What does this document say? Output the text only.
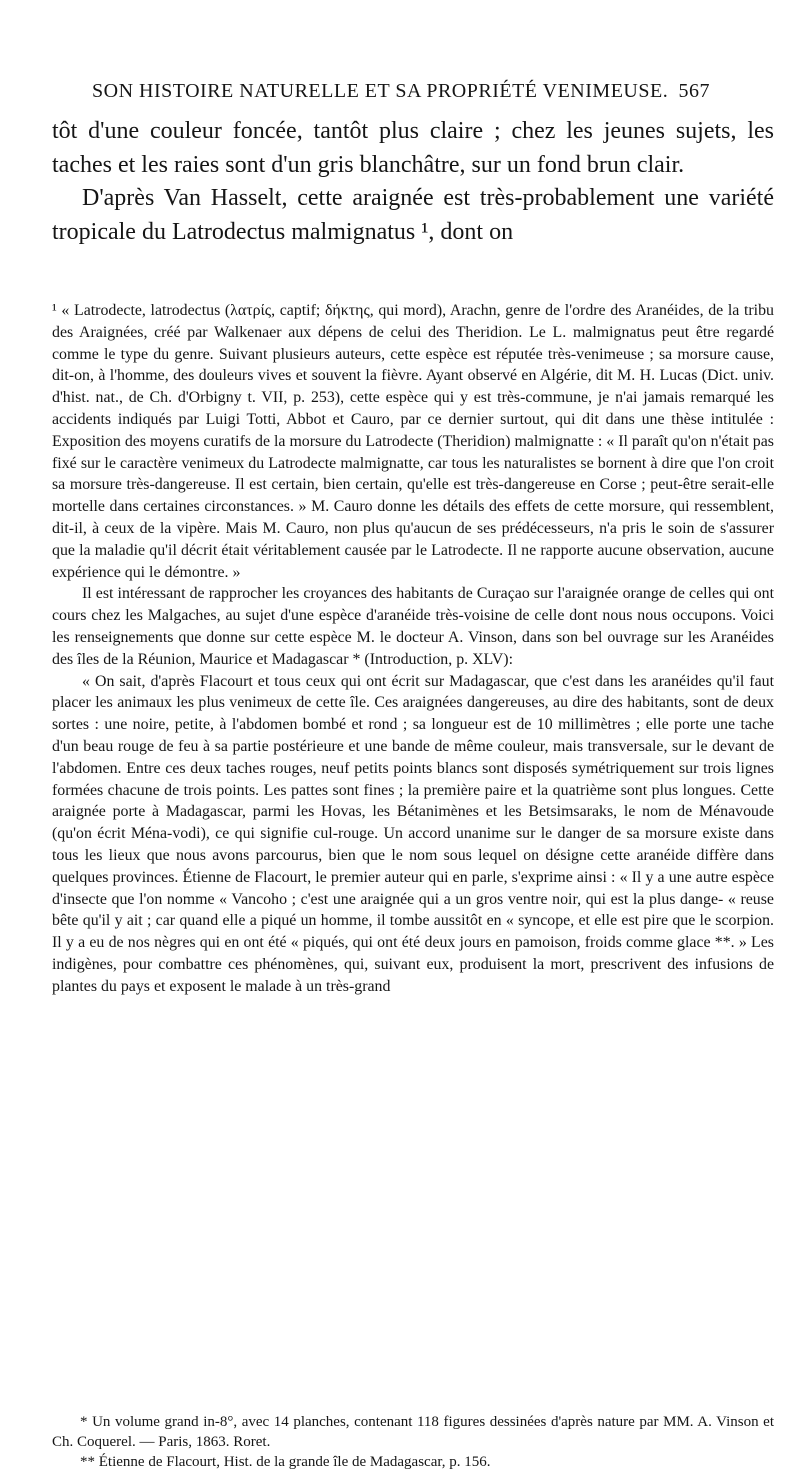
SON HISTOIRE NATURELLE ET SA PROPRIÉTÉ VENIMEUSE. 567

tôt d'une couleur foncée, tantôt plus claire ; chez les jeunes sujets, les taches et les raies sont d'un gris blanchâtre, sur un fond brun clair.

D'après Van Hasselt, cette araignée est très-probablement une variété tropicale du Latrodectus malmignatus ¹, dont on

¹ « Latrodecte, latrodectus (λατρίς, captif; δήκτης, qui mord), Arachn, genre de l'ordre des Aranéides, de la tribu des Araignées, créé par Walkenaer aux dépens de celui des Theridion. Le L. malmignatus peut être regardé comme le type du genre. Suivant plusieurs auteurs, cette espèce est réputée très-venimeuse ; sa morsure cause, dit-on, à l'homme, des douleurs vives et souvent la fièvre. Ayant observé en Algérie, dit M. H. Lucas (Dict. univ. d'hist. nat., de Ch. d'Orbigny t. VII, p. 253), cette espèce qui y est très-commune, je n'ai jamais remarqué les accidents indiqués par Luigi Totti, Abbot et Cauro, par ce dernier surtout, qui dit dans une thèse intitulée : Exposition des moyens curatifs de la morsure du Latrodecte (Theridion) malmignatte : « Il paraît qu'on n'était pas fixé sur le caractère venimeux du Latrodecte malmignatte, car tous les naturalistes se bornent à dire que l'on croit sa morsure très-dangereuse. Il est certain, bien certain, qu'elle est très-dangereuse en Corse ; peut-être serait-elle mortelle dans certaines circonstances. » M. Cauro donne les détails des effets de cette morsure, qui ressemblent, dit-il, à ceux de la vipère. Mais M. Cauro, non plus qu'aucun de ses prédécesseurs, n'a pris le soin de s'assurer que la maladie qu'il décrit était véritablement causée par le Latrodecte. Il ne rapporte aucune observation, aucune expérience qui le démontre. »

Il est intéressant de rapprocher les croyances des habitants de Curaçao sur l'araignée orange de celles qui ont cours chez les Malgaches, au sujet d'une espèce d'aranéide très-voisine de celle dont nous nous occupons. Voici les renseignements que donne sur cette espèce M. le docteur A. Vinson, dans son bel ouvrage sur les Aranéides des îles de la Réunion, Maurice et Madagascar * (Introduction, p. XLV):

« On sait, d'après Flacourt et tous ceux qui ont écrit sur Madagascar, que c'est dans les aranéides qu'il faut placer les animaux les plus venimeux de cette île. Ces araignées dangereuses, au dire des habitants, sont de deux sortes : une noire, petite, à l'abdomen bombé et rond ; sa longueur est de 10 millimètres ; elle porte une tache d'un beau rouge de feu à sa partie postérieure et une bande de même couleur, mais transversale, sur le devant de l'abdomen. Entre ces deux taches rouges, neuf petits points blancs sont disposés symétriquement sur trois lignes formées chacune de trois points. Les pattes sont fines ; la première paire et la quatrième sont plus longues. Cette araignée porte à Madagascar, parmi les Hovas, les Bétanimènes et les Betsimsaraks, le nom de Ménavoude (qu'on écrit Ména-vodi), ce qui signifie cul-rouge. Un accord unanime sur le danger de sa morsure existe dans tous les lieux que nous avons parcourus, bien que le nom sous lequel on désigne cette aranéide diffère dans quelques provinces. Étienne de Flacourt, le premier auteur qui en parle, s'exprime ainsi : « Il y a une autre espèce d'insecte que l'on nomme « Vancoho ; c'est une araignée qui a un gros ventre noir, qui est la plus dange- « reuse bête qu'il y ait ; car quand elle a piqué un homme, il tombe aussitôt en « syncope, et elle est pire que le scorpion. Il y a eu de nos nègres qui en ont été « piqués, qui ont été deux jours en pamoison, froids comme glace **. » Les indigènes, pour combattre ces phénomènes, qui, suivant eux, produisent la mort, prescrivent des infusions de plantes du pays et exposent le malade à un très-grand

* Un volume grand in-8°, avec 14 planches, contenant 118 figures dessinées d'après nature par MM. A. Vinson et Ch. Coquerel. — Paris, 1863. Roret.

** Étienne de Flacourt, Hist. de la grande île de Madagascar, p. 156.
